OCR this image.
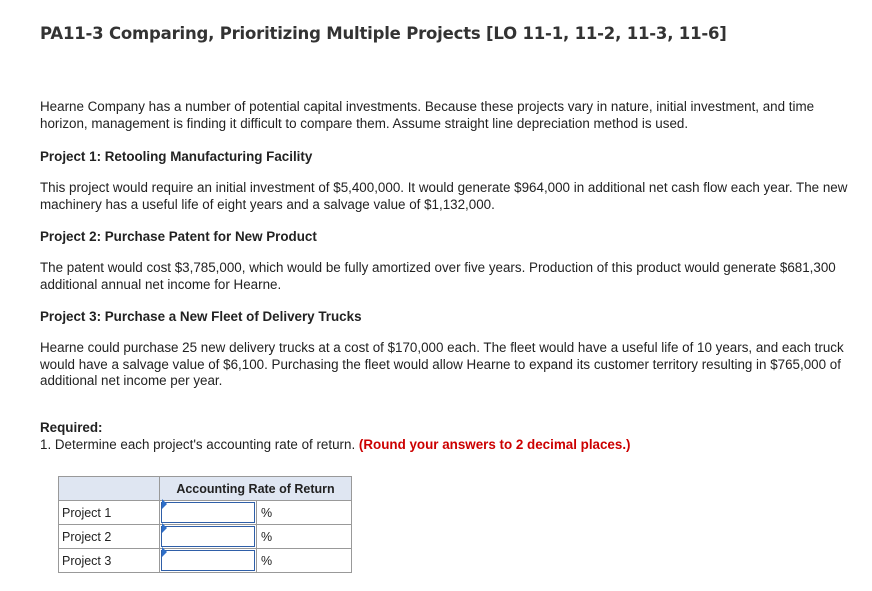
PA11-3 Comparing, Prioritizing Multiple Projects [LO 11-1, 11-2, 11-3, 11-6]

Hearne Company has a number of potential capital investments. Because these projects vary in nature, initial investment, and time horizon, management is finding it difficult to compare them. Assume straight line depreciation method is used.

Project 1: Retooling Manufacturing Facility

This project would require an initial investment of $5,400,000. It would generate $964,000 in additional net cash flow each year. The new machinery has a useful life of eight years and a salvage value of $1,132,000.

Project 2: Purchase Patent for New Product

The patent would cost $3,785,000, which would be fully amortized over five years. Production of this product would generate $681,300 additional annual net income for Hearne.

Project 3: Purchase a New Fleet of Delivery Trucks

Hearne could purchase 25 new delivery trucks at a cost of $170,000 each. The fleet would have a useful life of 10 years, and each truck would have a salvage value of $6,100. Purchasing the fleet would allow Hearne to expand its customer territory resulting in $765,000 of additional net income per year.

Required:

1. Determine each project's accounting rate of return. (Round your answers to 2 decimal places.)

	Accounting Rate of Return
Project 1	%

Project 2	%

Project 3	%
